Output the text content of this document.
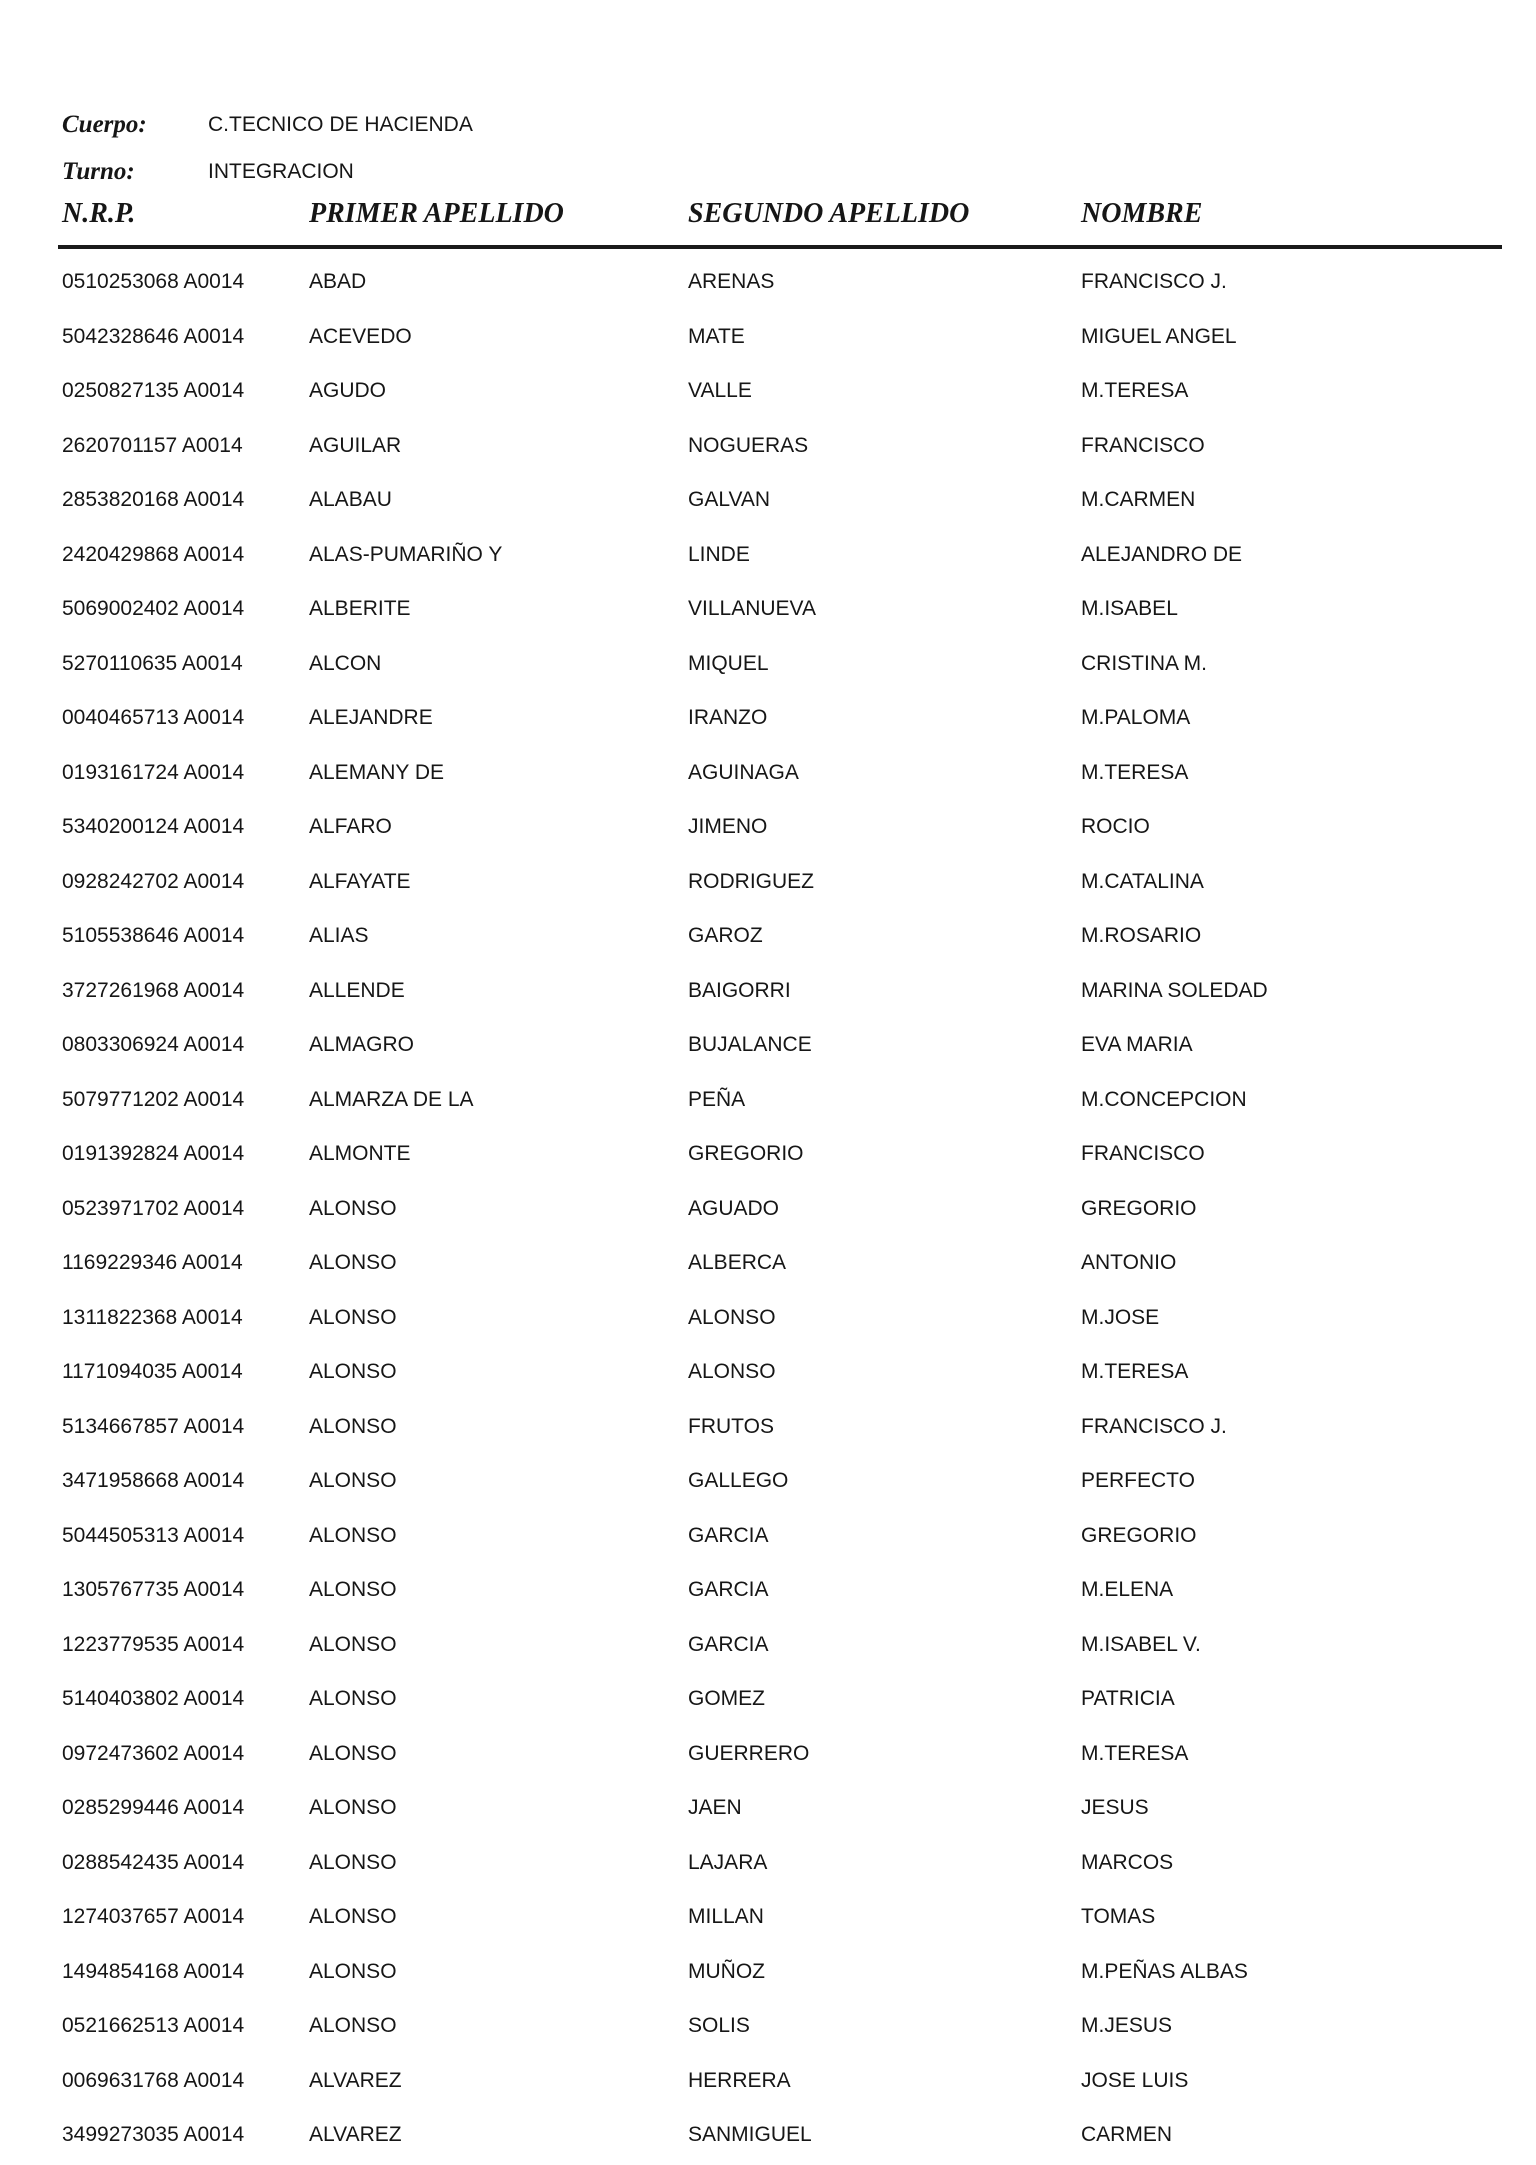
Cuerpo:	C.TECNICO DE HACIENDA
Turno:	INTEGRACION
N.R.P.	PRIMER APELLIDO	SEGUNDO APELLIDO	NOMBRE
0510253068 A0014	ABAD	ARENAS	FRANCISCO J.
5042328646 A0014	ACEVEDO	MATE	MIGUEL ANGEL
0250827135 A0014	AGUDO	VALLE	M.TERESA
2620701157 A0014	AGUILAR	NOGUERAS	FRANCISCO
2853820168 A0014	ALABAU	GALVAN	M.CARMEN
2420429868 A0014	ALAS-PUMARIÑO Y	LINDE	ALEJANDRO DE
5069002402 A0014	ALBERITE	VILLANUEVA	M.ISABEL
5270110635 A0014	ALCON	MIQUEL	CRISTINA M.
0040465713 A0014	ALEJANDRE	IRANZO	M.PALOMA
0193161724 A0014	ALEMANY DE	AGUINAGA	M.TERESA
5340200124 A0014	ALFARO	JIMENO	ROCIO
0928242702 A0014	ALFAYATE	RODRIGUEZ	M.CATALINA
5105538646 A0014	ALIAS	GAROZ	M.ROSARIO
3727261968 A0014	ALLENDE	BAIGORRI	MARINA SOLEDAD
0803306924 A0014	ALMAGRO	BUJALANCE	EVA MARIA
5079771202 A0014	ALMARZA DE LA	PEÑA	M.CONCEPCION
0191392824 A0014	ALMONTE	GREGORIO	FRANCISCO
0523971702 A0014	ALONSO	AGUADO	GREGORIO
1169229346 A0014	ALONSO	ALBERCA	ANTONIO
1311822368 A0014	ALONSO	ALONSO	M.JOSE
1171094035 A0014	ALONSO	ALONSO	M.TERESA
5134667857 A0014	ALONSO	FRUTOS	FRANCISCO J.
3471958668 A0014	ALONSO	GALLEGO	PERFECTO
5044505313 A0014	ALONSO	GARCIA	GREGORIO
1305767735 A0014	ALONSO	GARCIA	M.ELENA
1223779535 A0014	ALONSO	GARCIA	M.ISABEL V.
5140403802 A0014	ALONSO	GOMEZ	PATRICIA
0972473602 A0014	ALONSO	GUERRERO	M.TERESA
0285299446 A0014	ALONSO	JAEN	JESUS
0288542435 A0014	ALONSO	LAJARA	MARCOS
1274037657 A0014	ALONSO	MILLAN	TOMAS
1494854168 A0014	ALONSO	MUÑOZ	M.PEÑAS ALBAS
0521662513 A0014	ALONSO	SOLIS	M.JESUS
0069631768 A0014	ALVAREZ	HERRERA	JOSE LUIS
3499273035 A0014	ALVAREZ	SANMIGUEL	CARMEN
